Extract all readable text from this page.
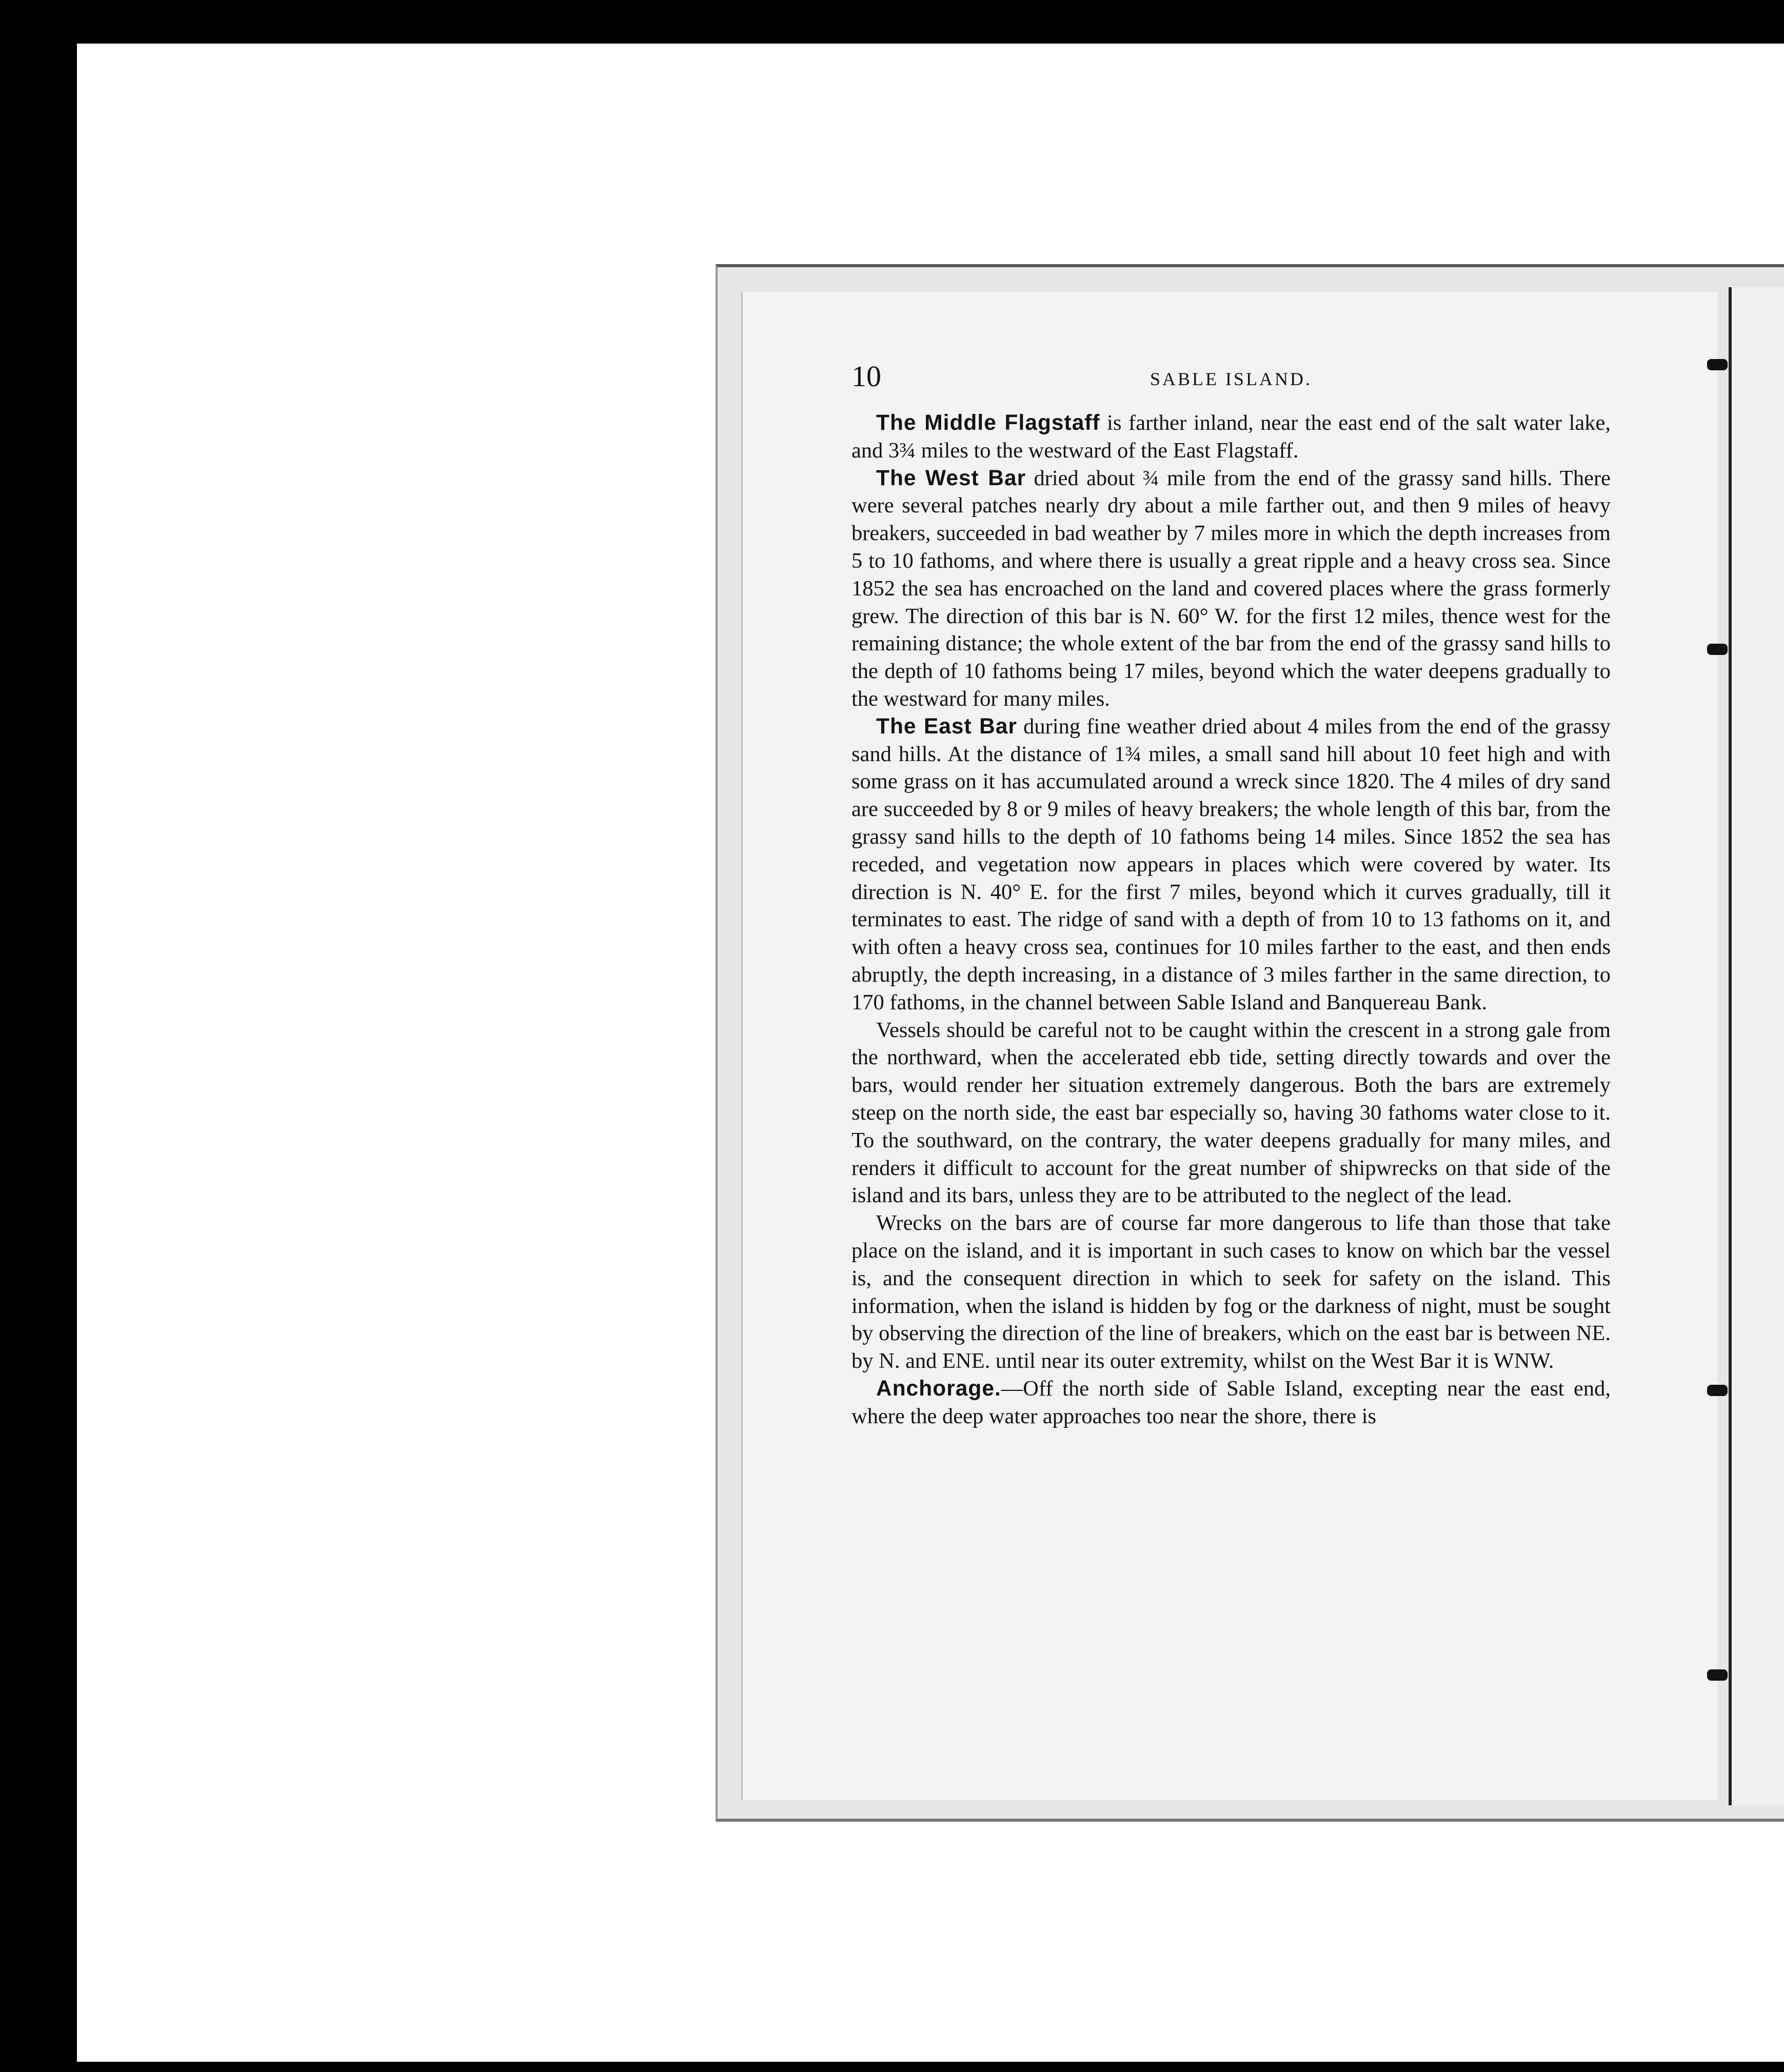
10	SABLE ISLAND.

The Middle Flagstaff is farther inland, near the east end of the salt water lake, and 3¾ miles to the westward of the East Flagstaff.

The West Bar dried about ¾ mile from the end of the grassy sand hills. There were several patches nearly dry about a mile farther out, and then 9 miles of heavy breakers, succeeded in bad weather by 7 miles more in which the depth increases from 5 to 10 fathoms, and where there is usually a great ripple and a heavy cross sea. Since 1852 the sea has encroached on the land and covered places where the grass formerly grew. The direction of this bar is N. 60° W. for the first 12 miles, thence west for the remaining distance; the whole extent of the bar from the end of the grassy sand hills to the depth of 10 fathoms being 17 miles, beyond which the water deepens gradually to the westward for many miles.

The East Bar during fine weather dried about 4 miles from the end of the grassy sand hills. At the distance of 1¾ miles, a small sand hill about 10 feet high and with some grass on it has accumulated around a wreck since 1820. The 4 miles of dry sand are succeeded by 8 or 9 miles of heavy breakers; the whole length of this bar, from the grassy sand hills to the depth of 10 fathoms being 14 miles. Since 1852 the sea has receded, and vegetation now appears in places which were covered by water. Its direction is N. 40° E. for the first 7 miles, beyond which it curves gradually, till it terminates to east. The ridge of sand with a depth of from 10 to 13 fathoms on it, and with often a heavy cross sea, continues for 10 miles farther to the east, and then ends abruptly, the depth increasing, in a distance of 3 miles farther in the same direction, to 170 fathoms, in the channel between Sable Island and Banquereau Bank.

Vessels should be careful not to be caught within the crescent in a strong gale from the northward, when the accelerated ebb tide, setting directly towards and over the bars, would render her situation extremely dangerous. Both the bars are extremely steep on the north side, the east bar especially so, having 30 fathoms water close to it. To the southward, on the contrary, the water deepens gradually for many miles, and renders it difficult to account for the great number of shipwrecks on that side of the island and its bars, unless they are to be attributed to the neglect of the lead.

Wrecks on the bars are of course far more dangerous to life than those that take place on the island, and it is important in such cases to know on which bar the vessel is, and the consequent direction in which to seek for safety on the island. This information, when the island is hidden by fog or the darkness of night, must be sought by observing the direction of the line of breakers, which on the east bar is between NE. by N. and ENE. until near its outer extremity, whilst on the West Bar it is WNW.

Anchorage.—Off the north side of Sable Island, excepting near the east end, where the deep water approaches too near the shore, there is
